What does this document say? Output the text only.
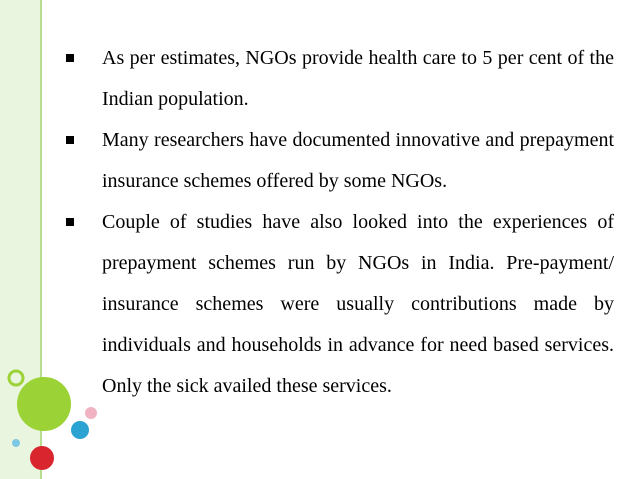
As per estimates, NGOs provide health care to 5 per cent of the Indian population.
Many researchers have documented innovative and prepayment insurance schemes offered by some NGOs.
Couple of studies have also looked into the experiences of prepayment schemes run by NGOs in India. Pre-payment/ insurance schemes were usually contributions made by individuals and households in advance for need based services. Only the sick availed these services.
